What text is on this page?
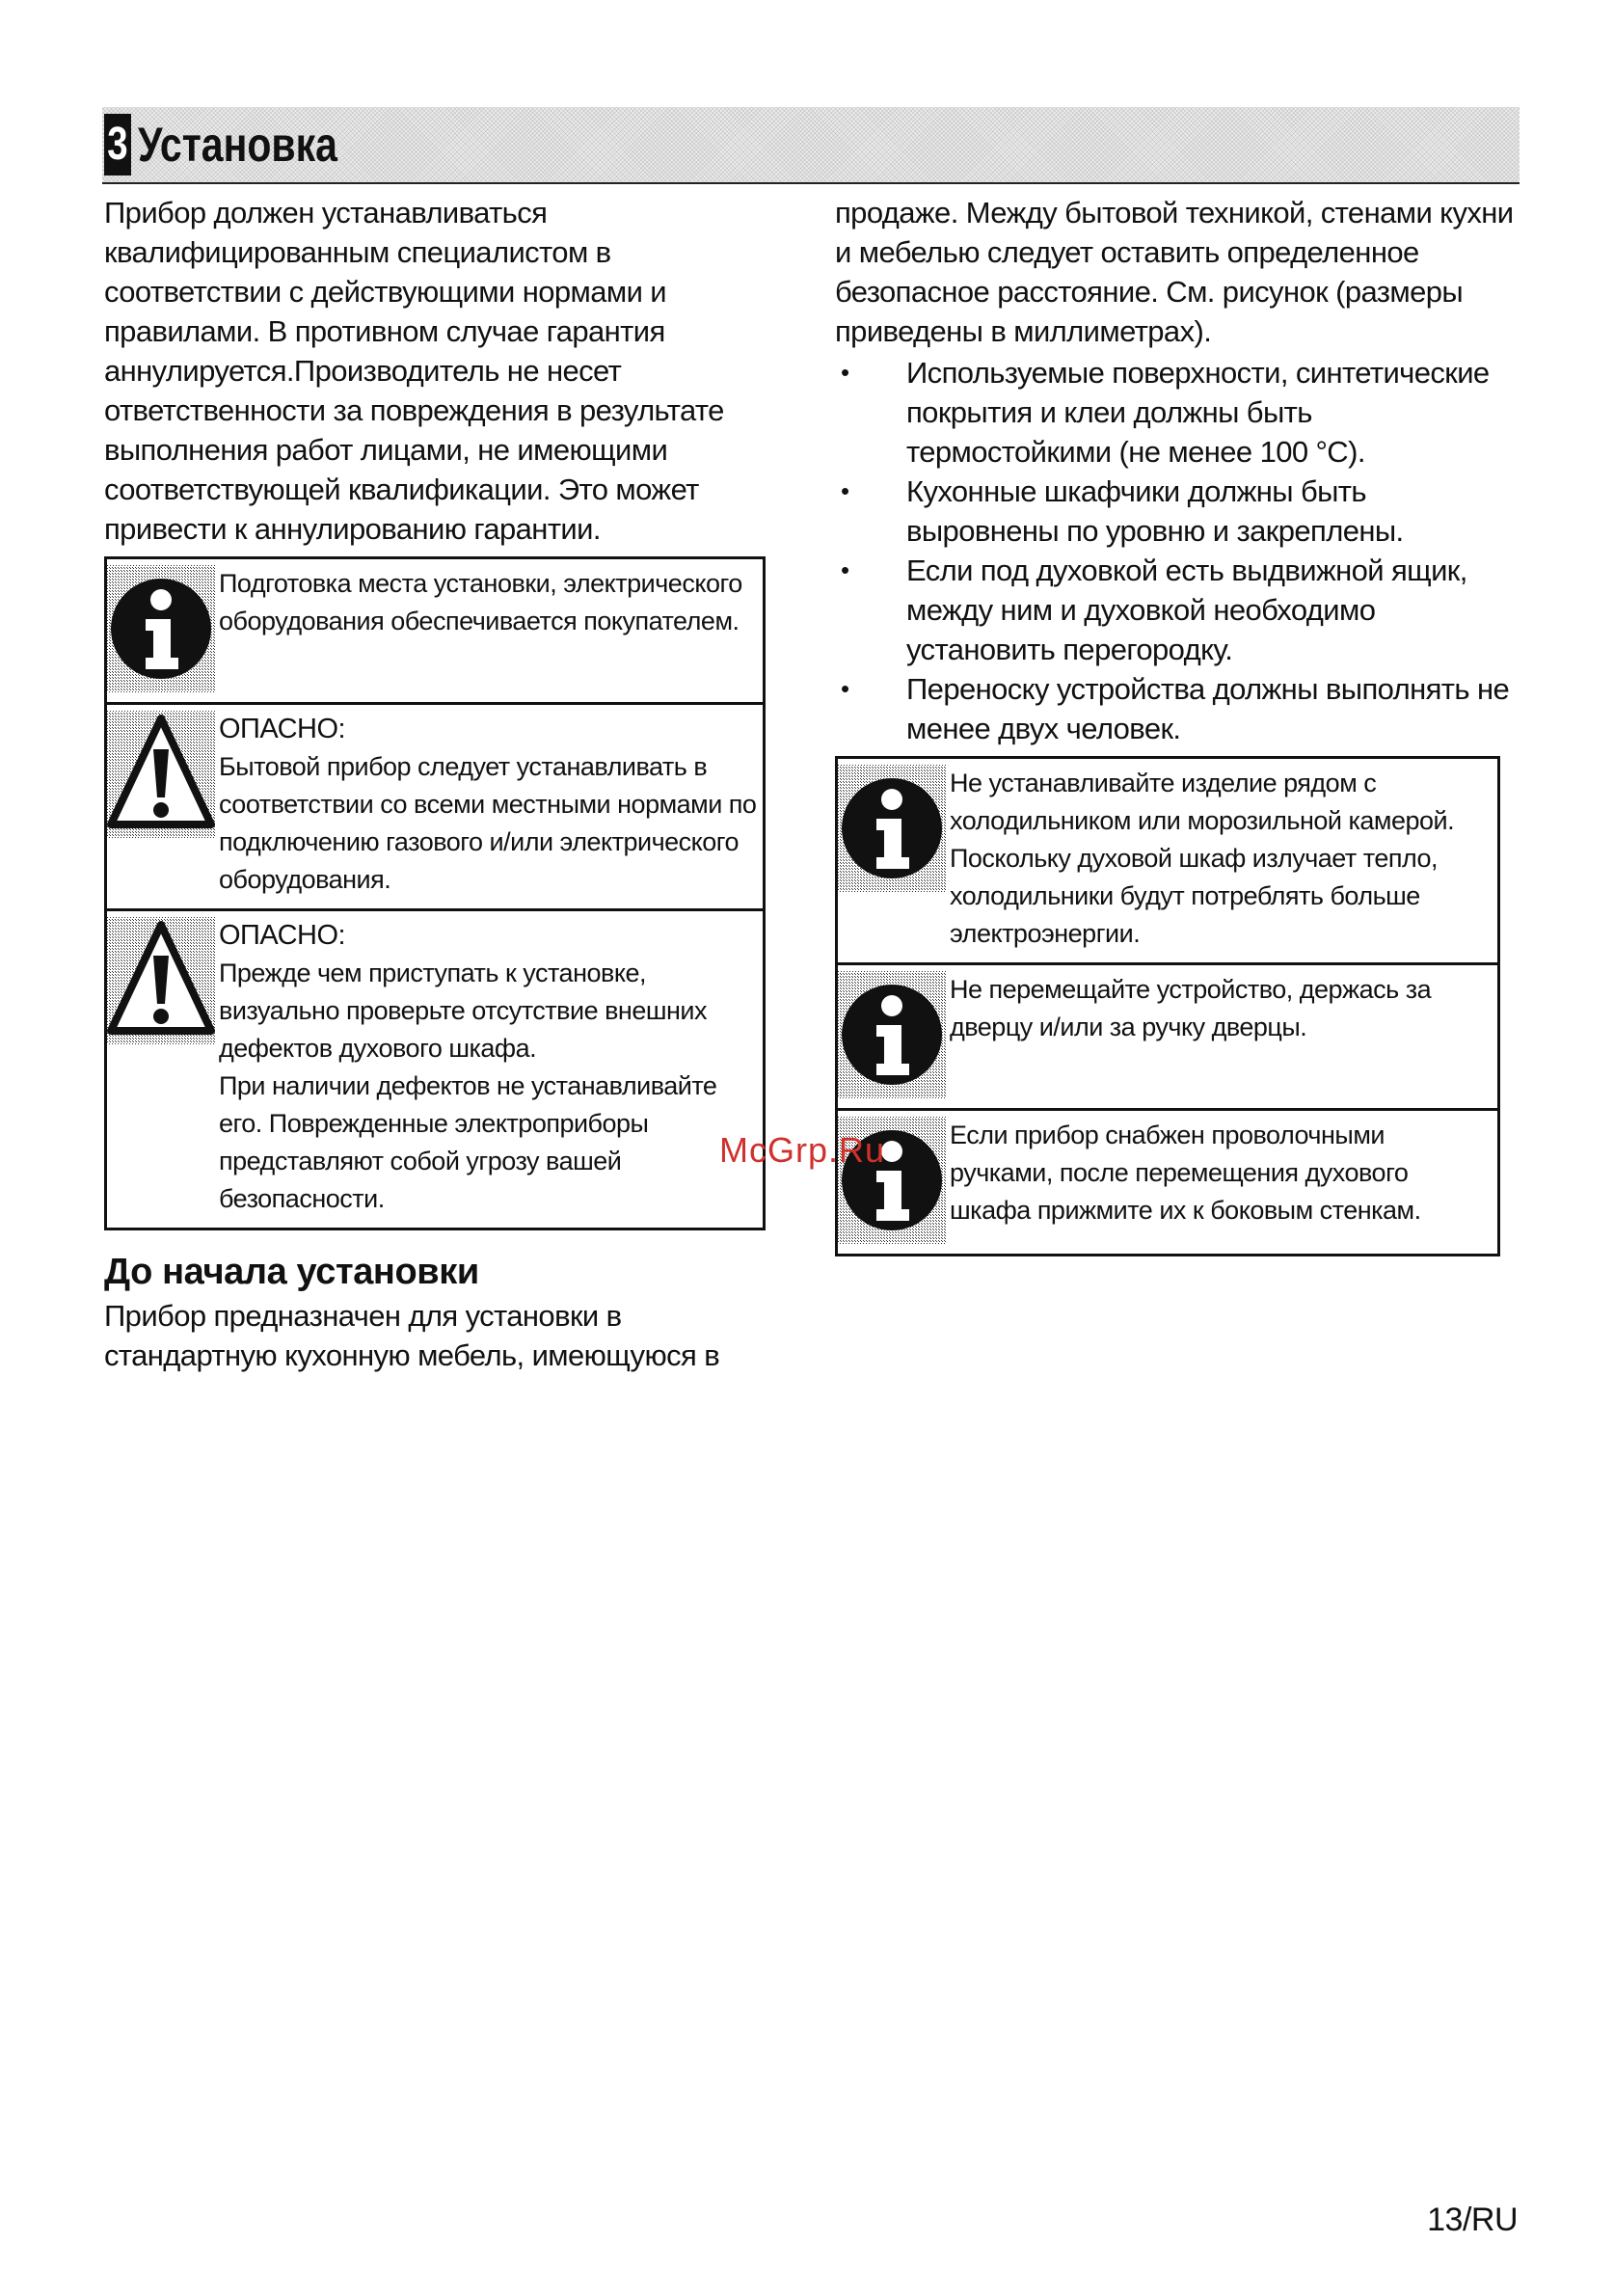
3 Установка

Прибор должен устанавливаться квалифицированным специалистом в соответствии с действующими нормами и правилами. В противном случае гарантия аннулируется.Производитель не несет ответственности за повреждения в результате выполнения работ лицами, не имеющими соответствующей квалификации. Это может привести к аннулированию гарантии.

Подготовка места установки, электрического оборудования обеспечивается покупателем.

ОПАСНО:
Бытовой прибор следует устанавливать в соответствии со всеми местными нормами по подключению газового и/или электрического оборудования.

ОПАСНО:
Прежде чем приступать к установке, визуально проверьте отсутствие внешних дефектов духового шкафа.
При наличии дефектов не устанавливайте его. Поврежденные электроприборы представляют собой угрозу вашей безопасности.

До начала установки

Прибор предназначен для установки в стандартную кухонную мебель, имеющуюся в

продаже. Между бытовой техникой, стенами кухни и мебелью следует оставить определенное безопасное расстояние. См. рисунок (размеры приведены в миллиметрах).

• Используемые поверхности, синтетические покрытия и клеи должны быть термостойкими (не менее 100 °C).
• Кухонные шкафчики должны быть выровнены по уровню и закреплены.
• Если под духовкой есть выдвижной ящик, между ним и духовкой необходимо установить перегородку.
• Переноску устройства должны выполнять не менее двух человек.

Не устанавливайте изделие рядом с холодильником или морозильной камерой. Поскольку духовой шкаф излучает тепло, холодильники будут потреблять больше электроэнергии.

Не перемещайте устройство, держась за дверцу и/или за ручку дверцы.

Если прибор снабжен проволочными ручками, после перемещения духового шкафа прижмите их к боковым стенкам.

McGrp.Ru
13/RU
